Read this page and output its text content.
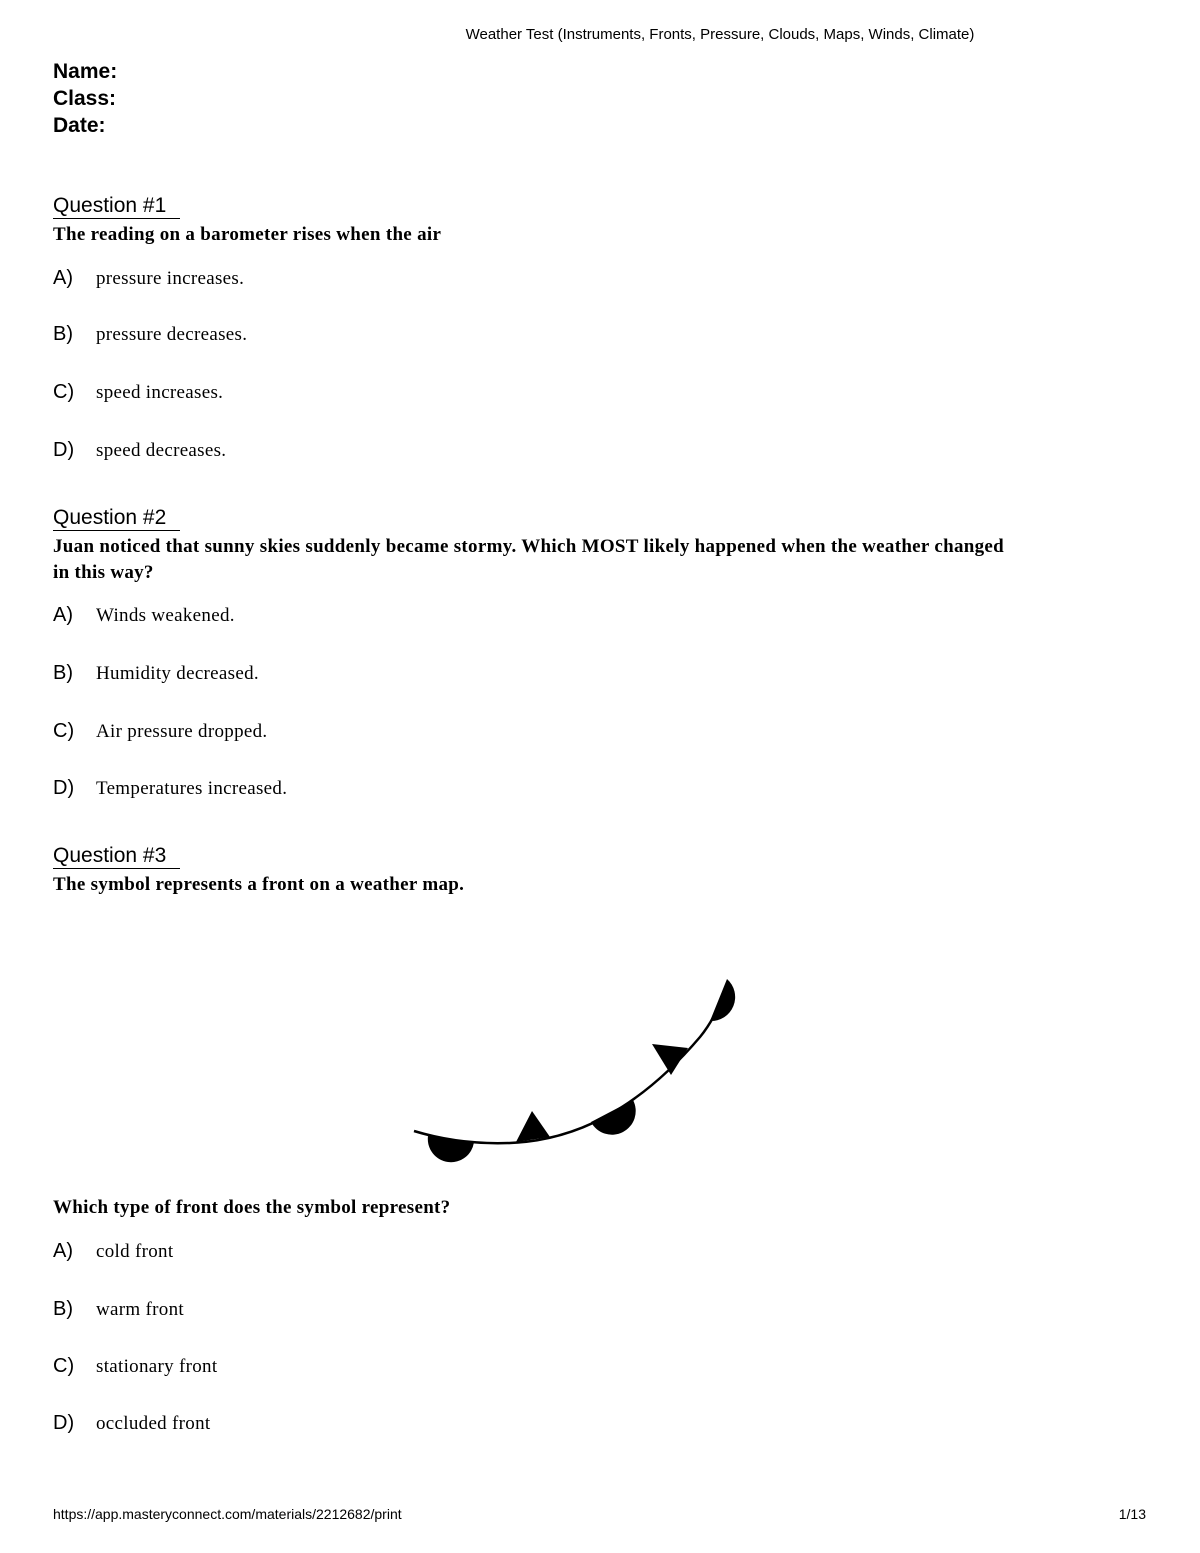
Weather Test (Instruments, Fronts, Pressure, Clouds, Maps, Winds, Climate)
Name:
Class:
Date:
Question #1
The reading on a barometer rises when the air
A) pressure increases.
B) pressure decreases.
C) speed increases.
D) speed decreases.
Question #2
Juan noticed that sunny skies suddenly became stormy. Which MOST likely happened when the weather changed in this way?
A) Winds weakened.
B) Humidity decreased.
C) Air pressure dropped.
D) Temperatures increased.
Question #3
The symbol represents a front on a weather map.
Which type of front does the symbol represent?
A) cold front
B) warm front
C) stationary front
D) occluded front
https://app.masteryconnect.com/materials/2212682/print	1/13
